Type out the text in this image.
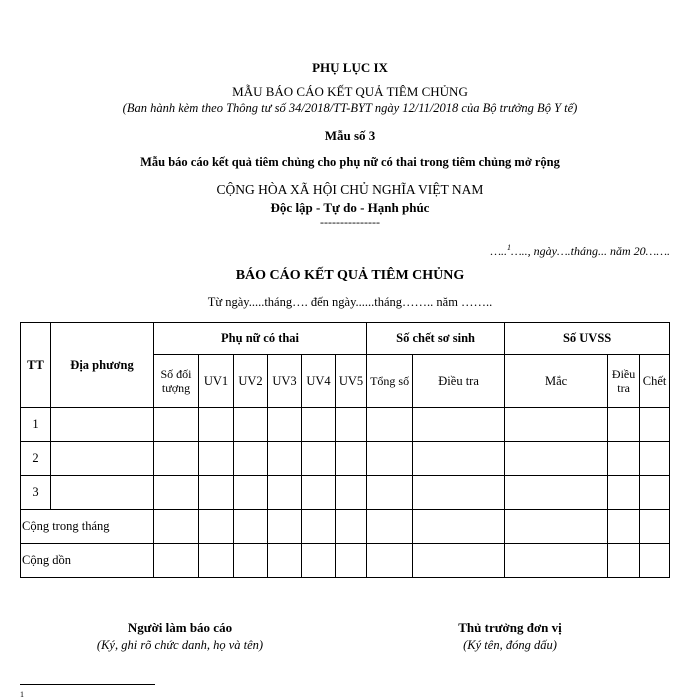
PHỤ LỤC IX
MẪU BÁO CÁO KẾT QUẢ TIÊM CHỦNG
(Ban hành kèm theo Thông tư số 34/2018/TT-BYT ngày 12/11/2018 của Bộ trưởng Bộ Y tế)
Mẫu số 3
Mẫu báo cáo kết quả tiêm chủng cho phụ nữ có thai trong tiêm chủng mở rộng
CỘNG HÒA XÃ HỘI CHỦ NGHĨA VIỆT NAM
Độc lập - Tự do - Hạnh phúc
---------------
…..$^1$….., ngày….tháng... năm 20…….
BÁO CÁO KẾT QUẢ TIÊM CHỦNG
Từ ngày.....tháng…. đến ngày......tháng…….. năm ……..
TT	Địa phương	Phụ nữ có thai						Số chết sơ sinh		Số UVSS		
		Số đối tượng	UV1	UV2	UV3	UV4	UV5	Tổng số	Điều tra	Mắc	Điều tra	Chết
1												
2												
3												
Cộng trong tháng												
Cộng dồn												
Người làm báo cáo
(Ký, ghi rõ chức danh, họ và tên)
Thủ trưởng đơn vị
(Ký tên, đóng dấu)
1
